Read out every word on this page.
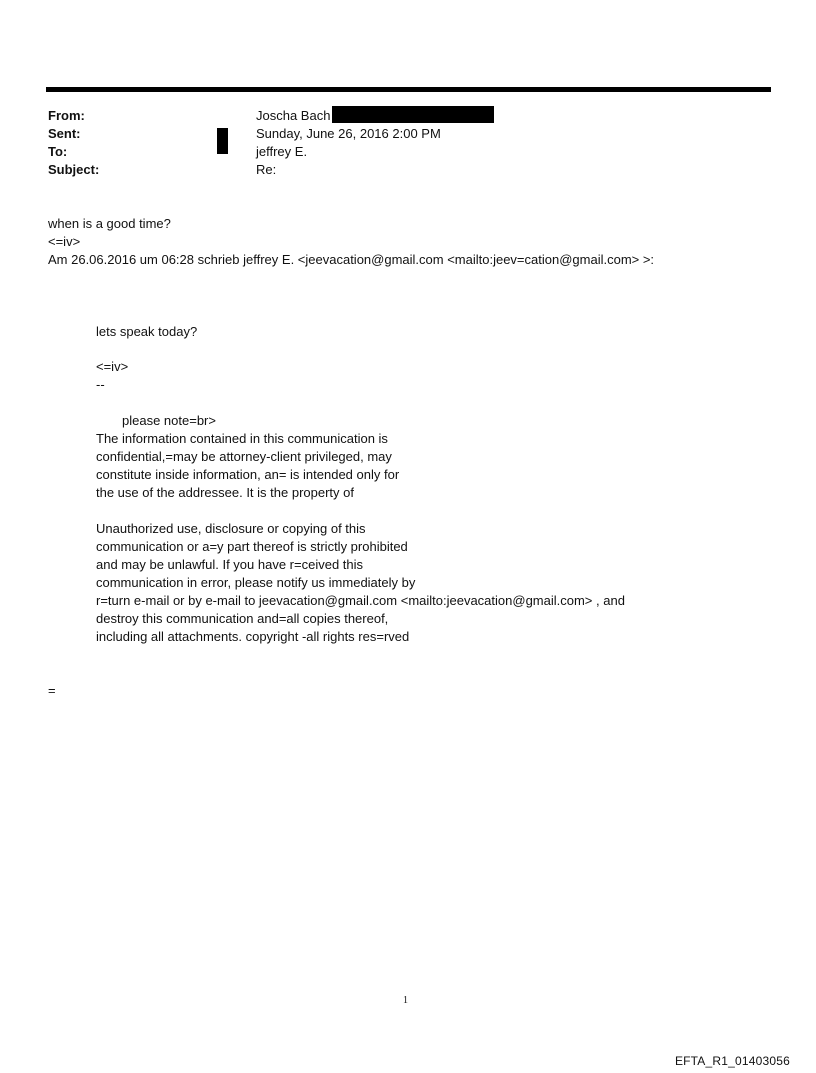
From:
Sent:
To:
Subject:
Joscha Bach
Sunday, June 26, 2016 2:00 PM
jeffrey E.
Re:
when is a good time?
<=iv>
Am 26.06.2016 um 06:28 schrieb jeffrey E. <jeevacation@gmail.com <mailto:jeev=cation@gmail.com> >:
lets speak today?
<=iv>
--
please note=br>
The information contained in this communication is
confidential,=may be attorney-client privileged, may
constitute inside information, an= is intended only for
the use of the addressee. It is the property of
Unauthorized use, disclosure or copying of this
communication or a=y part thereof is strictly prohibited
and may be unlawful. If you have r=ceived this
communication in error, please notify us immediately by
r=turn e-mail or by e-mail to jeevacation@gmail.com <mailto:jeevacation@gmail.com> , and
destroy this communication and=all copies thereof,
including all attachments. copyright -all rights res=rved
=
1
EFTA_R1_01403056
